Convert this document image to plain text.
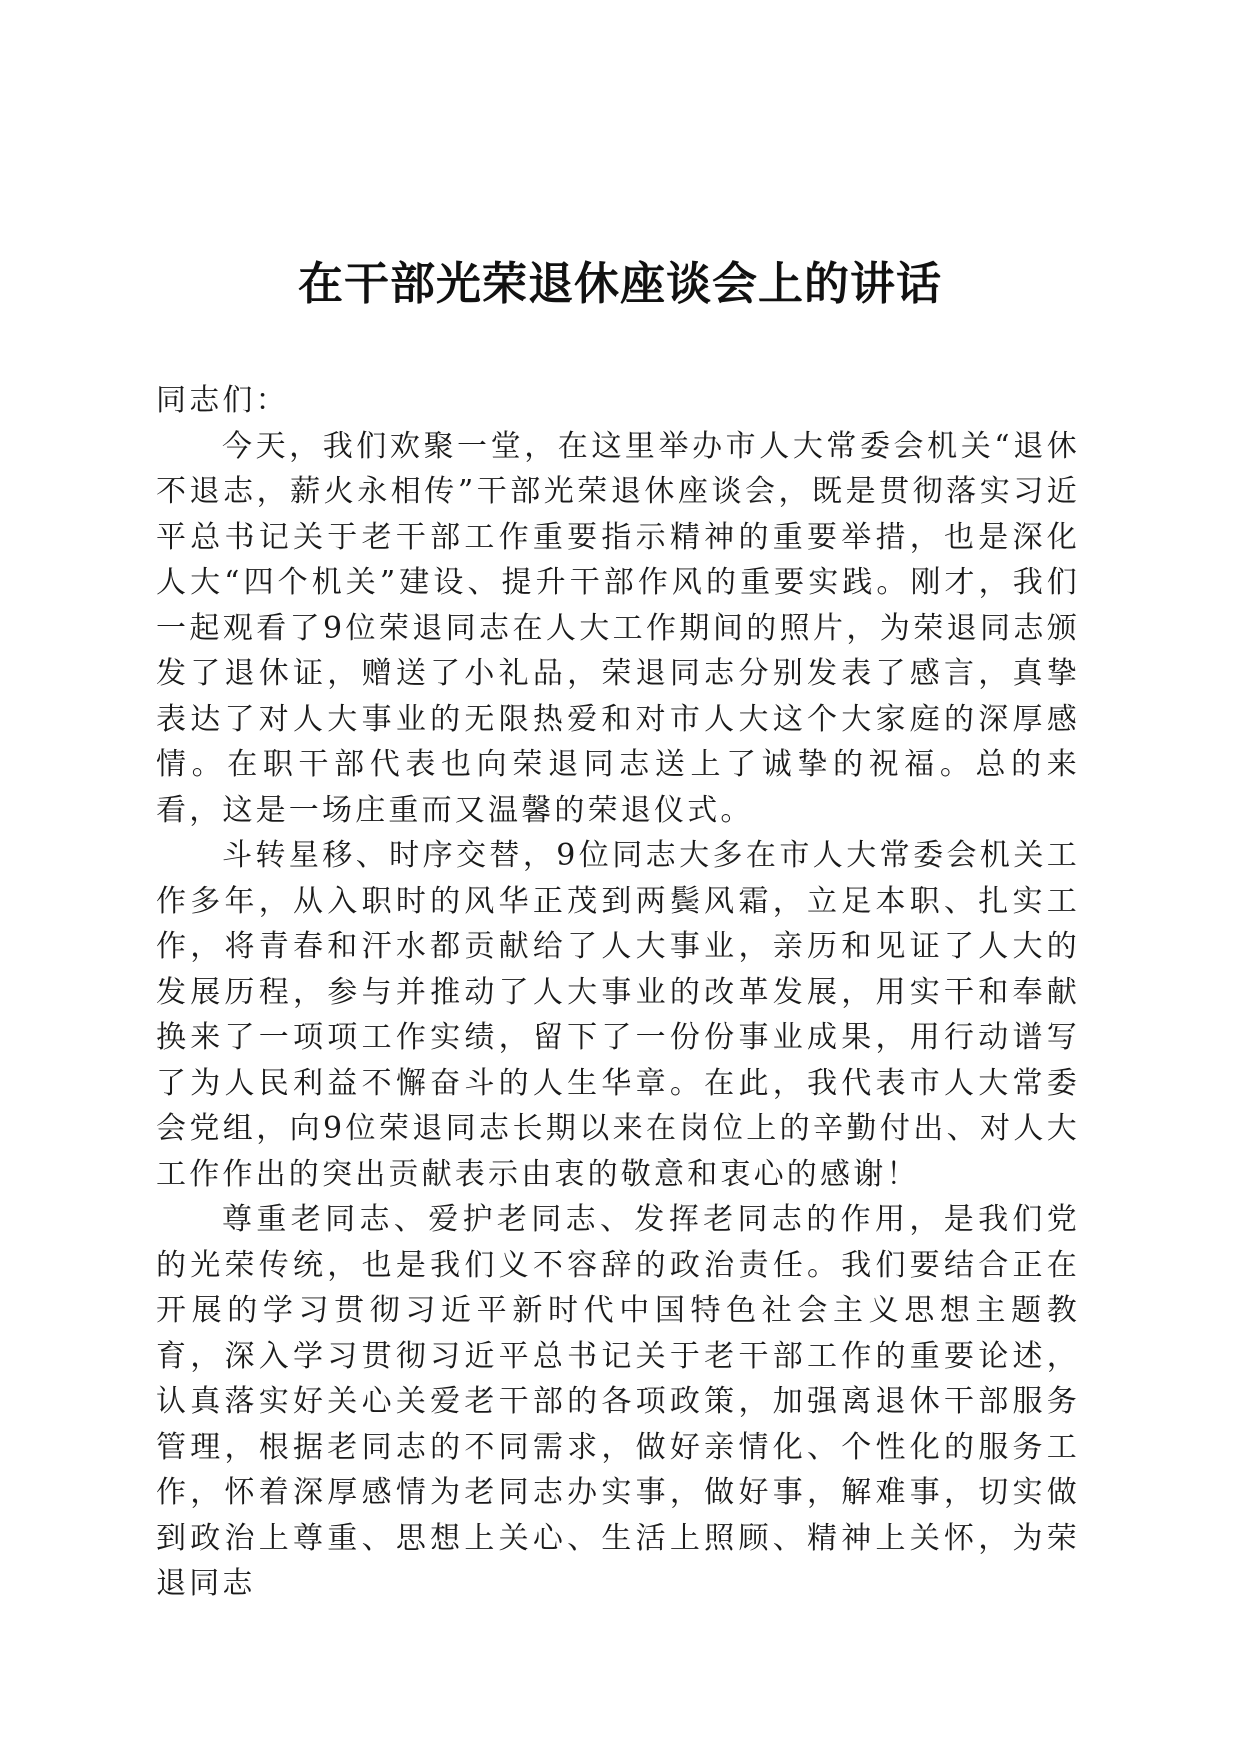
在干部光荣退休座谈会上的讲话

同志们：

今天，我们欢聚一堂，在这里举办市人大常委会机关“退休不退志，薪火永相传”干部光荣退休座谈会，既是贯彻落实习近平总书记关于老干部工作重要指示精神的重要举措，也是深化人大“四个机关”建设、提升干部作风的重要实践。刚才，我们一起观看了9位荣退同志在人大工作期间的照片，为荣退同志颁发了退休证，赠送了小礼品，荣退同志分别发表了感言，真挚表达了对人大事业的无限热爱和对市人大这个大家庭的深厚感情。在职干部代表也向荣退同志送上了诚挚的祝福。总的来看，这是一场庄重而又温馨的荣退仪式。

斗转星移、时序交替，9位同志大多在市人大常委会机关工作多年，从入职时的风华正茂到两鬓风霜，立足本职、扎实工作，将青春和汗水都贡献给了人大事业，亲历和见证了人大的发展历程，参与并推动了人大事业的改革发展，用实干和奉献换来了一项项工作实绩，留下了一份份事业成果，用行动谱写了为人民利益不懈奋斗的人生华章。在此，我代表市人大常委会党组，向9位荣退同志长期以来在岗位上的辛勤付出、对人大工作作出的突出贡献表示由衷的敬意和衷心的感谢！

尊重老同志、爱护老同志、发挥老同志的作用，是我们党的光荣传统，也是我们义不容辞的政治责任。我们要结合正在开展的学习贯彻习近平新时代中国特色社会主义思想主题教育，深入学习贯彻习近平总书记关于老干部工作的重要论述，认真落实好关心关爱老干部的各项政策，加强离退休干部服务管理，根据老同志的不同需求，做好亲情化、个性化的服务工作，怀着深厚感情为老同志办实事，做好事，解难事，切实做到政治上尊重、思想上关心、生活上照顾、精神上关怀，为荣退同志
